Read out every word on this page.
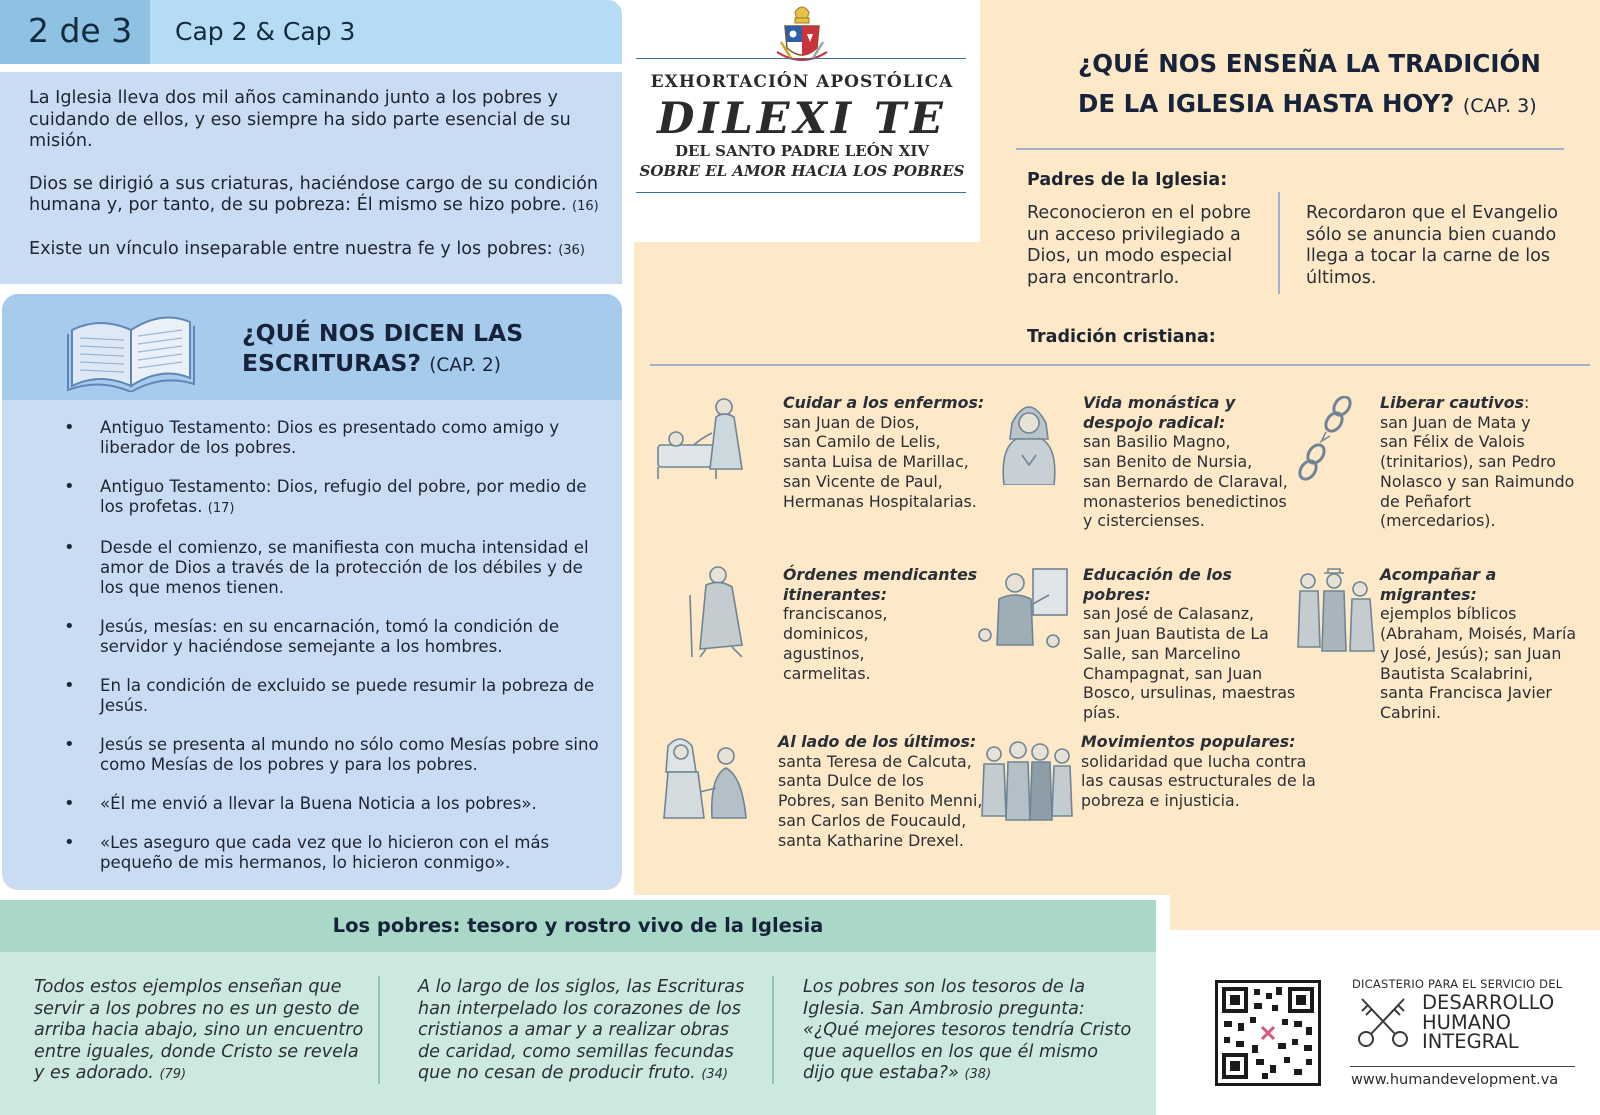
2 de 3	Cap 2 & Cap 3

La Iglesia lleva dos mil años caminando junto a los pobres y cuidando de ellos, y eso siempre ha sido parte esencial de su misión.

Dios se dirigió a sus criaturas, haciéndose cargo de su condición humana y, por tanto, de su pobreza: Él mismo se hizo pobre. (16)

Existe un vínculo inseparable entre nuestra fe y los pobres: (36)

¿QUÉ NOS DICEN LAS
ESCRITURAS? (CAP. 2)
• Antiguo Testamento: Dios es presentado como amigo y liberador de los pobres.
• Antiguo Testamento: Dios, refugio del pobre, por medio de los profetas. (17)
• Desde el comienzo, se manifiesta con mucha intensidad el amor de Dios a través de la protección de los débiles y de los que menos tienen.
• Jesús, mesías: en su encarnación, tomó la condición de servidor y haciéndose semejante a los hombres.
• En la condición de excluido se puede resumir la pobreza de Jesús.
• Jesús se presenta al mundo no sólo como Mesías pobre sino como Mesías de los pobres y para los pobres.
• «Él me envió a llevar la Buena Noticia a los pobres».
• «Les aseguro que cada vez que lo hicieron con el más pequeño de mis hermanos, lo hicieron conmigo».
EXHORTACIÓN APOSTÓLICA
DILEXI TE
DEL SANTO PADRE LEÓN XIV
SOBRE EL AMOR HACIA LOS POBRES
¿QUÉ NOS ENSEÑA LA TRADICIÓN
DE LA IGLESIA HASTA HOY? (CAP. 3)
Padres de la Iglesia:
Reconocieron en el pobre un acceso privilegiado a Dios, un modo especial para encontrarlo.
Recordaron que el Evangelio sólo se anuncia bien cuando llega a tocar la carne de los últimos.
Tradición cristiana:
Cuidar a los enfermos:
san Juan de Dios,
san Camilo de Lelis,
santa Luisa de Marillac,
san Vicente de Paul,
Hermanas Hospitalarias.
Vida monástica y despojo radical:
san Basilio Magno,
san Benito de Nursia,
san Bernardo de Claraval, monasterios benedictinos y cistercienses.
Liberar cautivos:
san Juan de Mata y
san Félix de Valois (trinitarios), san Pedro Nolasco y san Raimundo de Peñafort (mercedarios).
Órdenes mendicantes itinerantes:
franciscanos,
dominicos,
agustinos,
carmelitas.
Educación de los pobres:
san José de Calasanz,
san Juan Bautista de La Salle, san Marcelino Champagnat, san Juan Bosco, ursulinas, maestras pías.
Acompañar a migrantes:
ejemplos bíblicos (Abraham, Moisés, María y José, Jesús); san Juan Bautista Scalabrini,
santa Francisca Javier Cabrini.
Al lado de los últimos:
santa Teresa de Calcuta,
santa Dulce de los Pobres, san Benito Menni, san Carlos de Foucauld,
santa Katharine Drexel.
Movimientos populares:
solidaridad que lucha contra las causas estructurales de la pobreza e injusticia.
Los pobres: tesoro y rostro vivo de la Iglesia
Todos estos ejemplos enseñan que servir a los pobres no es un gesto de arriba hacia abajo, sino un encuentro entre iguales, donde Cristo se revela y es adorado. (79)
A lo largo de los siglos, las Escrituras han interpelado los corazones de los cristianos a amar y a realizar obras de caridad, como semillas fecundas que no cesan de producir fruto. (34)
Los pobres son los tesoros de la Iglesia. San Ambrosio pregunta: «¿Qué mejores tesoros tendría Cristo que aquellos en los que él mismo dijo que estaba?» (38)
DICASTERIO PARA EL SERVICIO DEL
DESARROLLO
HUMANO
INTEGRAL
www.humandevelopment.va
